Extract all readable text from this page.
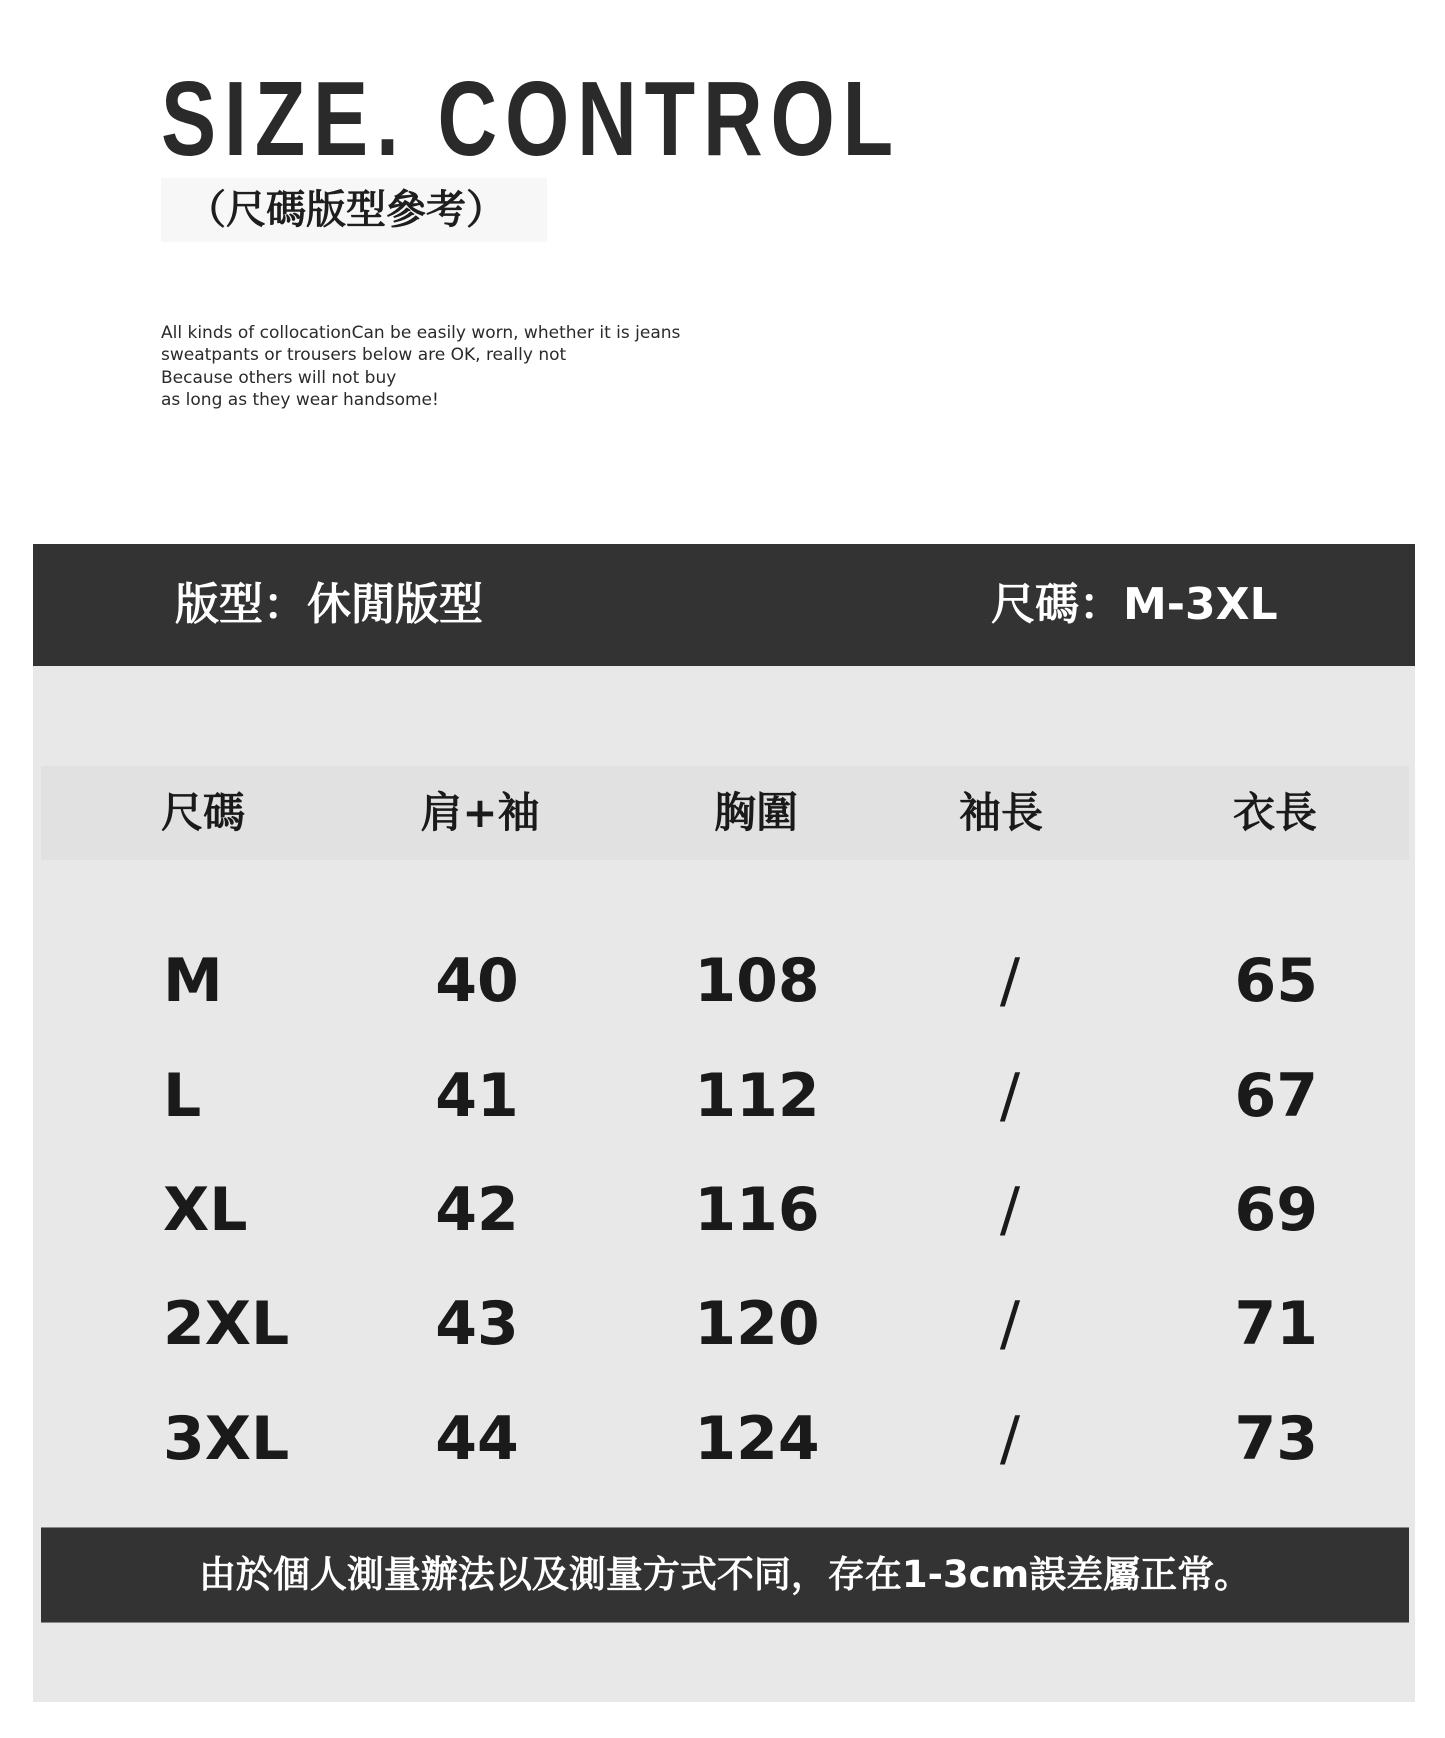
SIZE. CONTROL
（尺碼版型參考）
All kinds of collocationCan be easily worn, whether it is jeans
sweatpants or trousers below are OK, really not
Because others will not buy
as long as they wear handsome!
版型：休閒版型	尺碼：M-3XL
尺碼	肩+袖	胸圍	袖長	衣長
M	40	108	/	65
L	41	112	/	67
XL	42	116	/	69
2XL 43	120	/	71
3XL 44	124	/	73
由於個人測量辦法以及測量方式不同，存在1-3cm誤差屬正常。
